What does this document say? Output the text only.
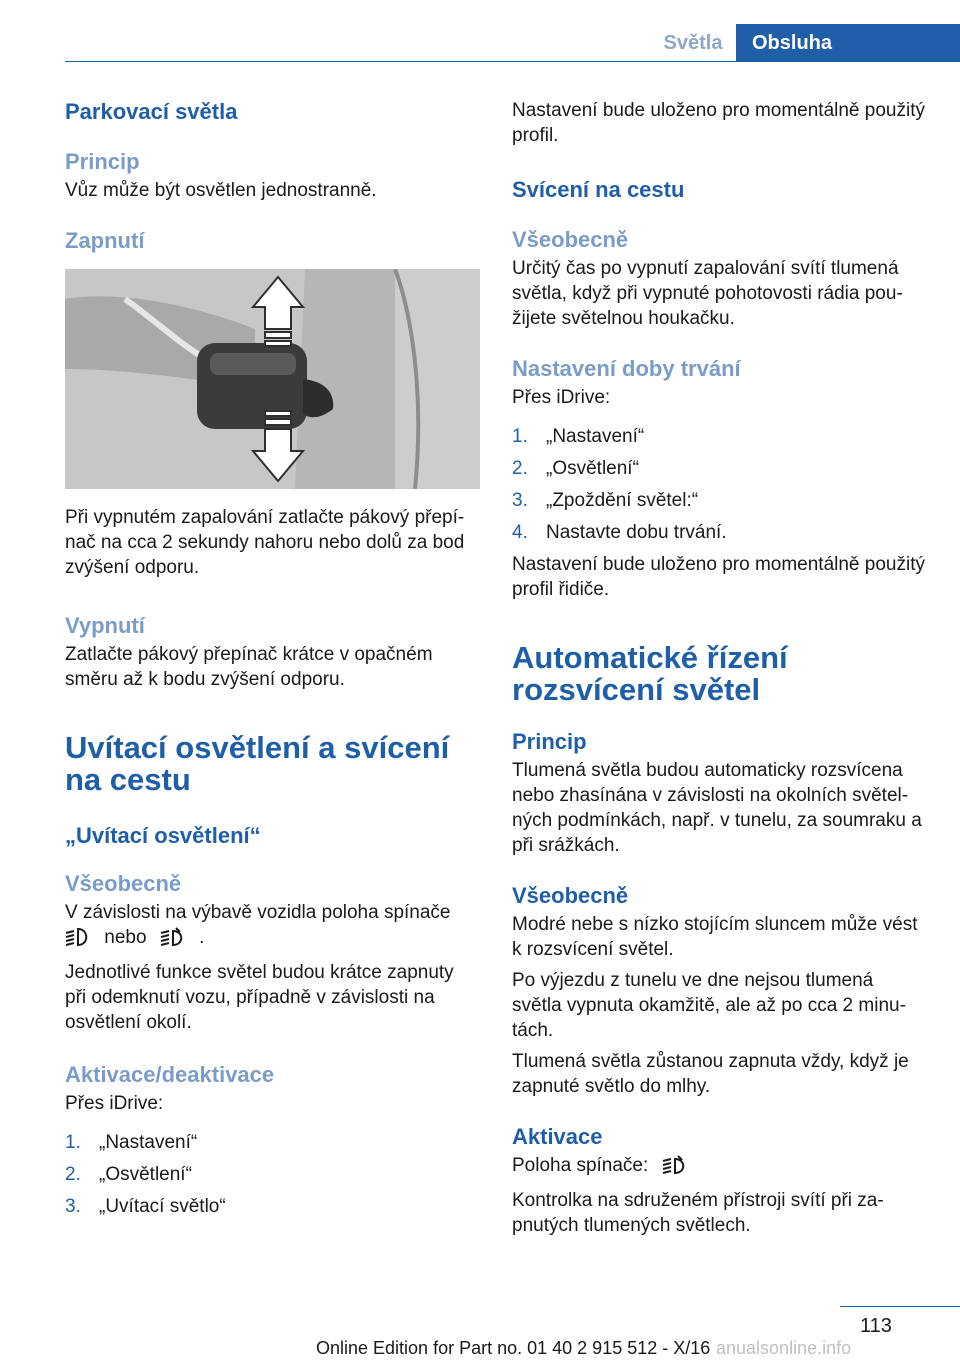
Světla	Obsluha
Parkovací světla
Princip

Vůz může být osvětlen jednostranně.

Zapnutí

Při vypnutém zapalování zatlačte pákový přepínač na cca 2 sekundy nahoru nebo dolů za bod zvýšení odporu.

Vypnutí

Zatlačte pákový přepínač krátce v opačném směru až k bodu zvýšení odporu.

Uvítací osvětlení a svícení na cestu
„Uvítací osvětlení“
Všeobecně

V závislosti na výbavě vozidla poloha spínače

nebo	.

Jednotlivé funkce světel budou krátce zapnuty při odemknutí vozu, případně v závislosti na osvětlení okolí.

Aktivace/deaktivace

Přes iDrive:

1. „Nastavení“
2. „Osvětlení“
3. „Uvítací světlo“

Nastavení bude uloženo pro momentálně použitý profil.

Svícení na cestu
Všeobecně

Určitý čas po vypnutí zapalování svítí tlumená světla, když při vypnuté pohotovosti rádia použijete světelnou houkačku.

Nastavení doby trvání

Přes iDrive:

1. „Nastavení“
2. „Osvětlení“
3. „Zpoždění světel:“
4. Nastavte dobu trvání.

Nastavení bude uloženo pro momentálně použitý profil řidiče.

Automatické řízení rozsvícení světel
Princip

Tlumená světla budou automaticky rozsvícena nebo zhasínána v závislosti na okolních světelných podmínkách, např. v tunelu, za soumraku a při srážkách.

Všeobecně

Modré nebe s nízko stojícím sluncem může vést k rozsvícení světel.

Po výjezdu z tunelu ve dne nejsou tlumená světla vypnuta okamžitě, ale až po cca 2 minutách.

Tlumená světla zůstanou zapnuta vždy, když je zapnuté světlo do mlhy.

Aktivace

Poloha spínače:

Kontrolka na sdruženém přístroji svítí při zapnutých tlumených světlech.

113
Online Edition for Part no. 01 40 2 915 512 - X/16 anualsonline.info
